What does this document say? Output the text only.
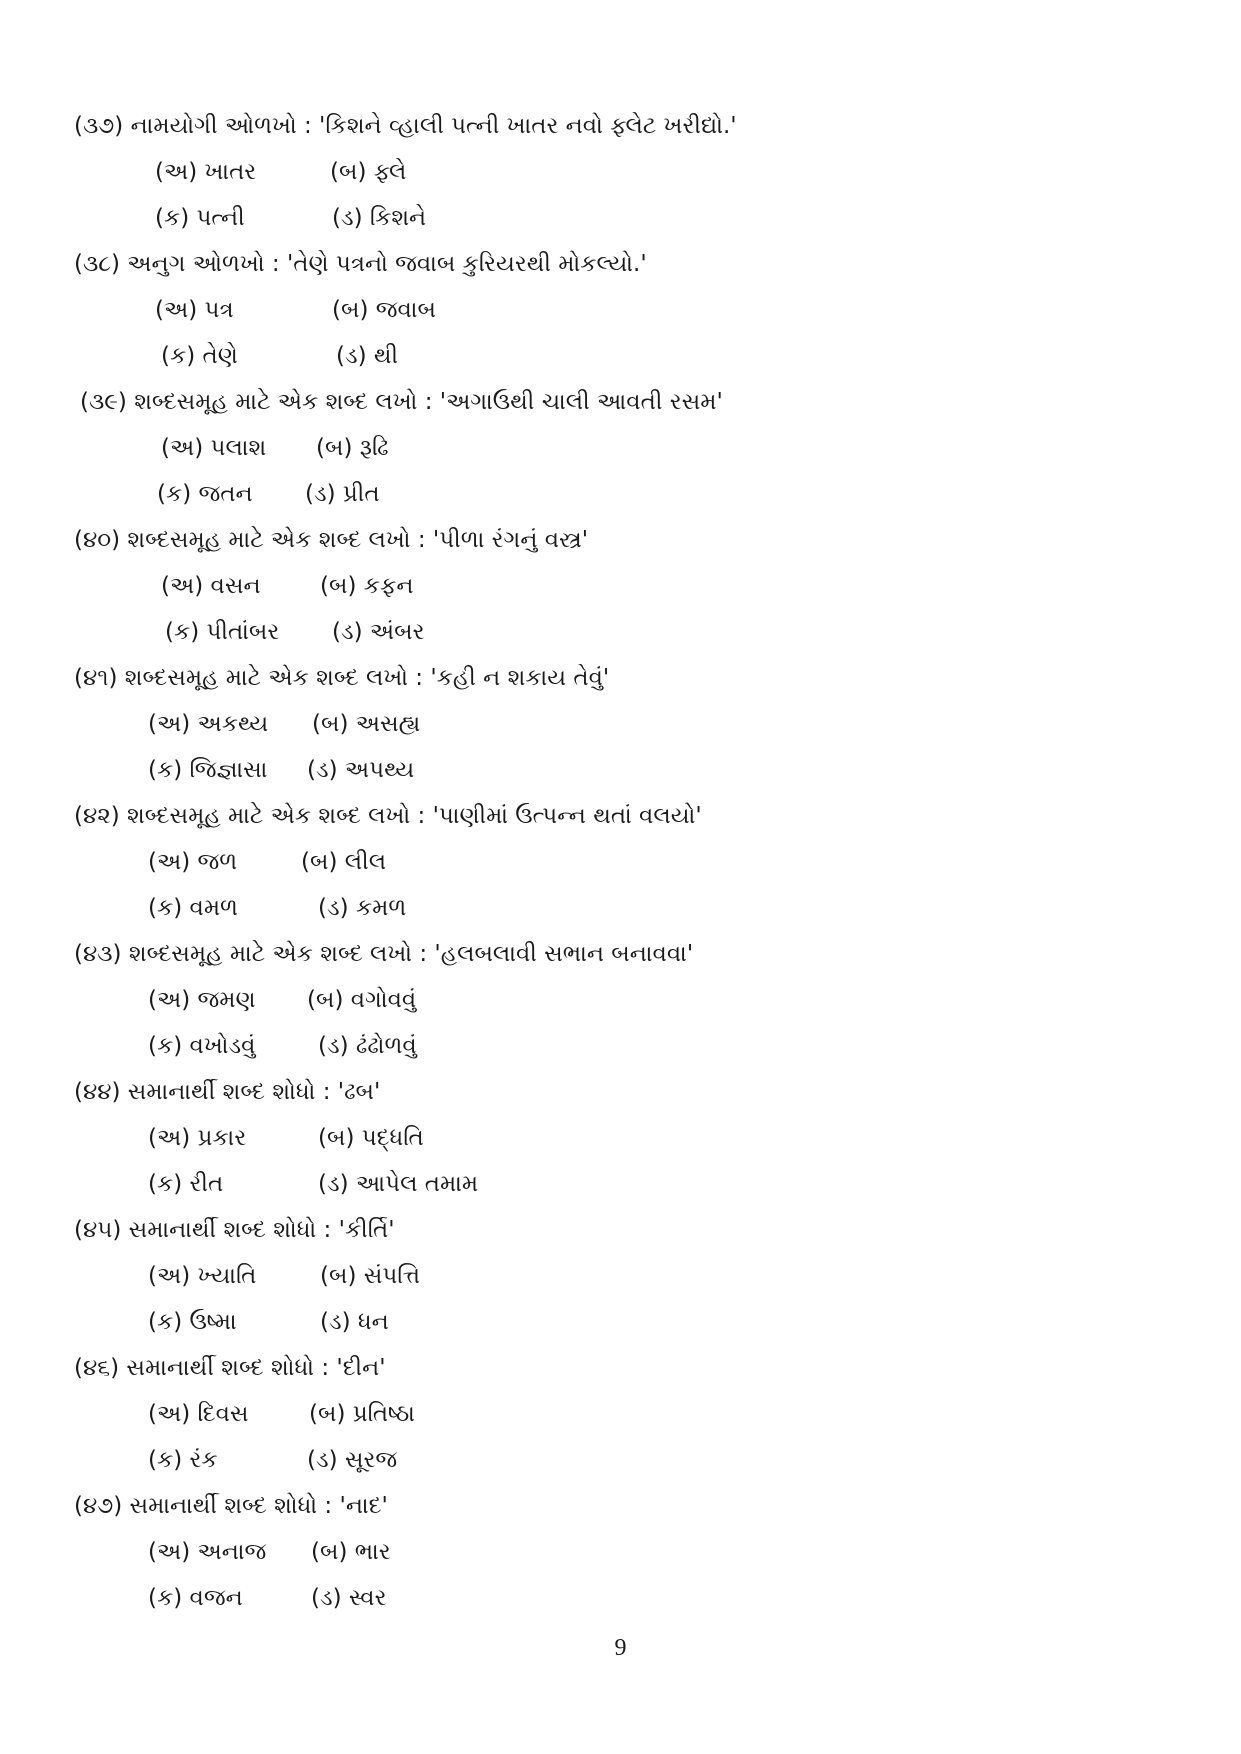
(૩૭) નામયોગી ઓળખો : 'કિશને વ્હાલી પત્ની ખાતર નવો ફ્લેટ ખરીદ્યો.'
(અ) ખાતર	(બ) ફ્લે
(ક) પત્ની	(ડ) કિશને
(૩૮) અનુગ ઓળખો : 'તેણે પત્રનો જવાબ કુરિયરથી મોકલ્યો.'
(અ) પત્ર	(બ) જવાબ
(ક) તેણે	(ડ) થી
(૩૯) શબ્દસમૂહ માટે એક શબ્દ લખો : 'અગાઉથી ચાલી આવતી રસમ'
(અ) પલાશ (બ) રૂઢિ
(ક) જતન (ડ) પ્રીત
(૪૦) શબ્દસમૂહ માટે એક શબ્દ લખો : 'પીળા રંગનું વસ્ત્ર'
(અ) વસન	(બ) કફન
(ક) પીતાંબર (ડ) અંબર
(૪૧) શબ્દસમૂહ માટે એક શબ્દ લખો : 'કહી ન શકાય તેવું'
(અ) અકથ્ય (બ) અસહ્ય
(ક) જિજ્ઞાસા (ડ) અપથ્ય
(૪૨) શબ્દસમૂહ માટે એક શબ્દ લખો : 'પાણીમાં ઉત્પન્ન થતાં વલયો'
(અ) જળ	(બ) લીલ
(ક) વમળ	(ડ) કમળ
(૪૩) શબ્દસમૂહ માટે એક શબ્દ લખો : 'હલબલાવી સભાન બનાવવા'
(અ) જમણ (બ) વગોવવું
(ક) વખોડવું	(ડ) ઢંઢોળવું
(૪૪) સમાનાર્થી શબ્દ શોધો : 'ઢબ'
(અ) પ્રકાર	(બ) પદ્ધતિ
(ક) રીત	(ડ) આપેલ તમામ
(૪૫) સમાનાર્થી શબ્દ શોધો : 'કીર્તિ'
(અ) ખ્યાતિ	(બ) સંપત્તિ
(ક) ઉષ્મા	(ડ) ધન
(૪૬) સમાનાર્થી શબ્દ શોધો : 'દીન'
(અ) દિવસ	(બ) પ્રતિષ્ઠા
(ક) રંક	(ડ) સૂરજ
(૪૭) સમાનાર્થી શબ્દ શોધો : 'નાદ'
(અ) અનાજ (બ) ભાર
(ક) વજન	(ડ) સ્વર
9
